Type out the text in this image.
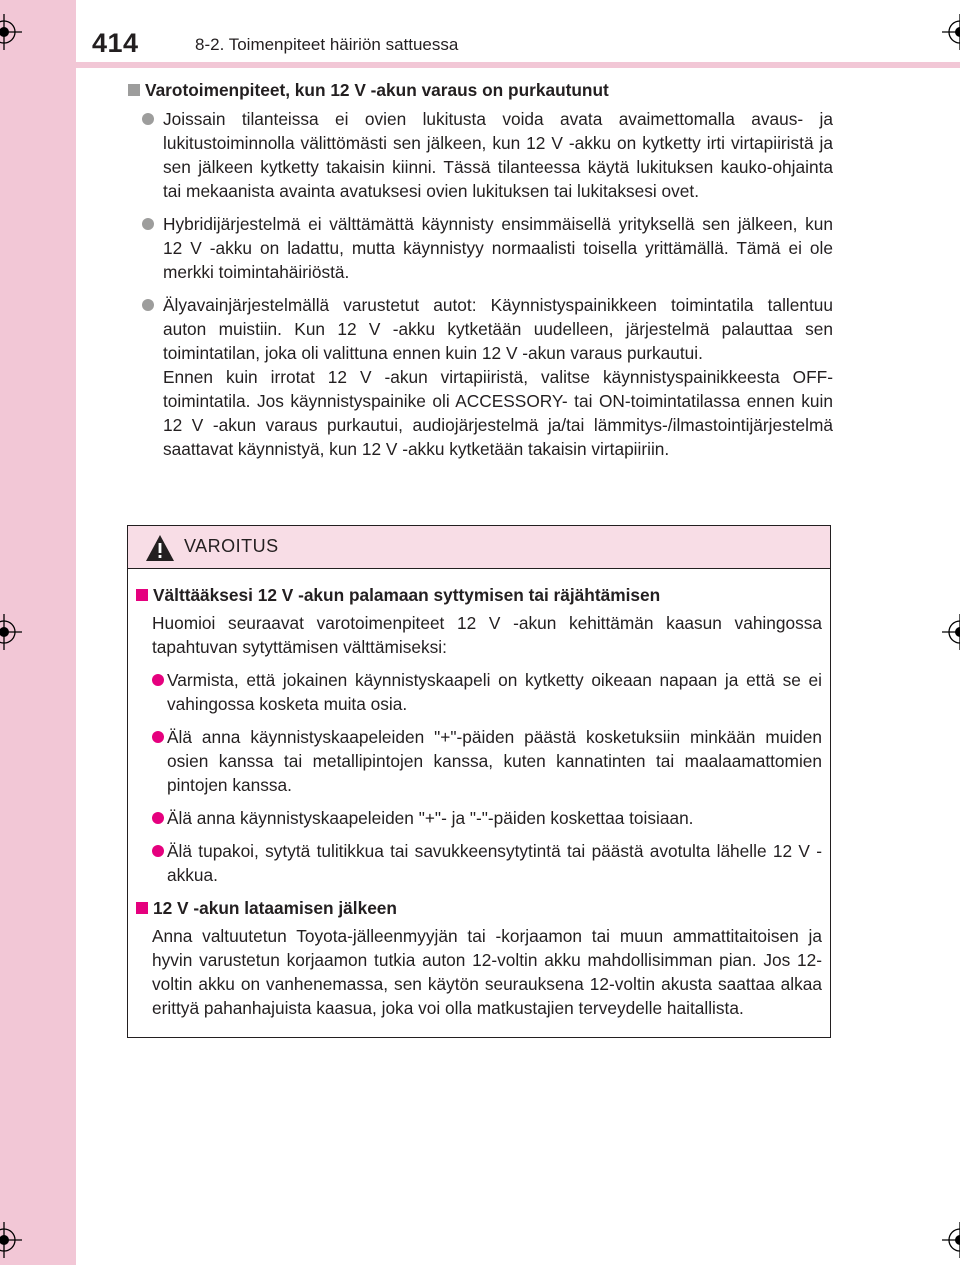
414	8-2. Toimenpiteet häiriön sattuessa
Varotoimenpiteet, kun 12 V -akun varaus on purkautunut
Joissain tilanteissa ei ovien lukitusta voida avata avaimettomalla avaus- ja lukitustoiminnolla välittömästi sen jälkeen, kun 12 V -akku on kytketty irti virtapiiristä ja sen jälkeen kytketty takaisin kiinni. Tässä tilanteessa käytä lukituksen kauko-ohjainta tai mekaanista avainta avatuksesi ovien lukituksen tai lukitaksesi ovet.
Hybridijärjestelmä ei välttämättä käynnisty ensimmäisellä yrityksellä sen jälkeen, kun 12 V -akku on ladattu, mutta käynnistyy normaalisti toisella yrittämällä. Tämä ei ole merkki toimintahäiriöstä.
Älyavainjärjestelmällä varustetut autot: Käynnistyspainikkeen toimintatila tallentuu auton muistiin. Kun 12 V -akku kytketään uudelleen, järjestelmä palauttaa sen toimintatilan, joka oli valittuna ennen kuin 12 V -akun varaus purkautui.
Ennen kuin irrotat 12 V -akun virtapiiristä, valitse käynnistyspainikkeesta OFF-toimintatila. Jos käynnistyspainike oli ACCESSORY- tai ON-toimintatilassa ennen kuin 12 V -akun varaus purkautui, audiojärjestelmä ja/tai lämmitys-/ilmastointijärjestelmä saattavat käynnistyä, kun 12 V -akku kytketään takaisin virtapiiriin.
VAROITUS
Välttääksesi 12 V -akun palamaan syttymisen tai räjähtämisen
Huomioi seuraavat varotoimenpiteet 12 V -akun kehittämän kaasun vahingossa tapahtuvan sytyttämisen välttämiseksi:
Varmista, että jokainen käynnistyskaapeli on kytketty oikeaan napaan ja että se ei vahingossa kosketa muita osia.
Älä anna käynnistyskaapeleiden "+"-päiden päästä kosketuksiin minkään muiden osien kanssa tai metallipintojen kanssa, kuten kannatinten tai maalaamattomien pintojen kanssa.
Älä anna käynnistyskaapeleiden "+"- ja "-"-päiden koskettaa toisiaan.
Älä tupakoi, sytytä tulitikkua tai savukkeensytytintä tai päästä avotulta lähelle 12 V -akkua.
12 V -akun lataamisen jälkeen
Anna valtuutetun Toyota-jälleenmyyjän tai -korjaamon tai muun ammattitaitoisen ja hyvin varustetun korjaamon tutkia auton 12-voltin akku mahdollisimman pian. Jos 12-voltin akku on vanhenemassa, sen käytön seurauksena 12-voltin akusta saattaa alkaa erittyä pahanhajuista kaasua, joka voi olla matkustajien terveydelle haitallista.
